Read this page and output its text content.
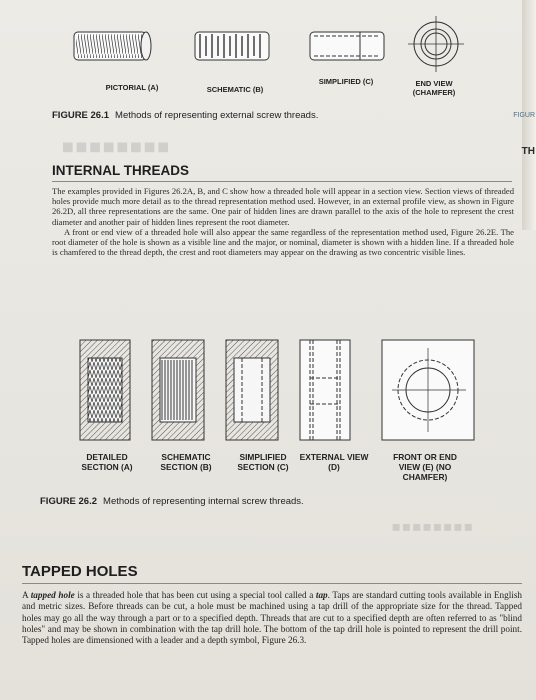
FIGUR
TH
PICTORIAL (A)	SCHEMATIC (B)
SIMPLIFIED (C)	END VIEW (CHAMFER)
FIGURE 26.1 Methods of representing external screw threads.
◼◼◼◼◼◼◼◼
INTERNAL THREADS

The examples provided in Figures 26.2A, B, and C show how a threaded hole will appear in a section view. Section views of threaded holes provide much more detail as to the thread representation method used. However, in an external profile view, as shown in Figure 26.2D, all three representations are the same. One pair of hidden lines are drawn parallel to the axis of the hole to represent the crest diameter and another pair of hidden lines represent the root diameter.

A front or end view of a threaded hole will also appear the same regardless of the representation method used, Figure 26.2E. The root diameter of the hole is shown as a visible line and the major, or nominal, diameter is shown with a hidden line. If a threaded hole is chamfered to the thread depth, the crest and root diameters may appear on the drawing as two concentric visible lines.

DETAILED SECTION (A)
SCHEMATIC SECTION (B)
SIMPLIFIED SECTION (C)
EXTERNAL VIEW (D)
FRONT OR END VIEW (E) (NO CHAMFER)
FIGURE 26.2 Methods of representing internal screw threads.
◼◼◼◼◼◼◼◼
TAPPED HOLES

A tapped hole is a threaded hole that has been cut using a special tool called a tap. Taps are standard cutting tools available in English and metric sizes. Before threads can be cut, a hole must be machined using a tap drill of the appropriate size for the thread. Tapped holes may go all the way through a part or to a specified depth. Threads that are cut to a specified depth are often referred to as "blind holes" and may be shown in combination with the tap drill hole. The bottom of the tap drill hole is pointed to represent the drill point. Tapped holes are dimensioned with a leader and a depth symbol, Figure 26.3.
